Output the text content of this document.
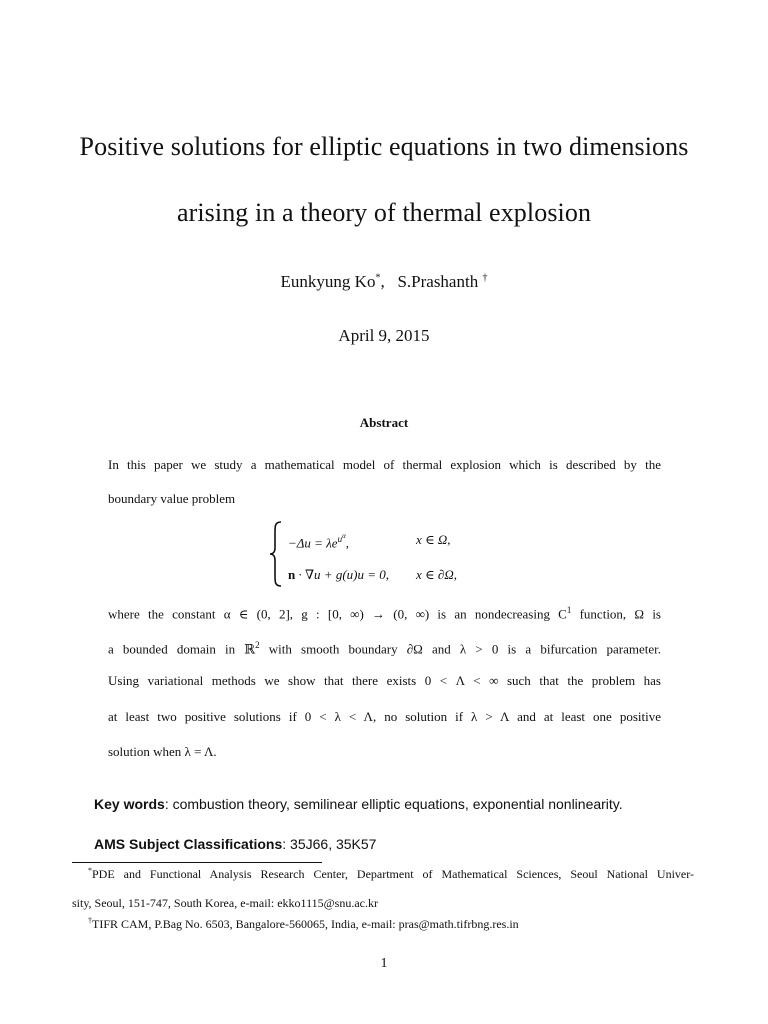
Positive solutions for elliptic equations in two dimensions
arising in a theory of thermal explosion
Eunkyung Ko*, S.Prashanth †
April 9, 2015
Abstract
In this paper we study a mathematical model of thermal explosion which is described by the
boundary value problem
$-\Delta u = \lambda e^{u^\alpha}$,	x ∈ Ω,
n · ∇u + g(u)u = 0, x ∈ ∂Ω,
where the constant α ∈ (0, 2], g : [0, ∞) → (0, ∞) is an nondecreasing $C^1$ function, Ω is
a bounded domain in ℝ$^2$ with smooth boundary ∂Ω and λ > 0 is a bifurcation parameter.
Using variational methods we show that there exists 0 < Λ < ∞ such that the problem has
at least two positive solutions if 0 < λ < Λ, no solution if λ > Λ and at least one positive
solution when λ = Λ.
Key words: combustion theory, semilinear elliptic equations, exponential nonlinearity.
AMS Subject Classifications: 35J66, 35K57
*PDE and Functional Analysis Research Center, Department of Mathematical Sciences, Seoul National Univer-
sity, Seoul, 151-747, South Korea, e-mail: ekko1115@snu.ac.kr
†TIFR CAM, P.Bag No. 6503, Bangalore-560065, India, e-mail: pras@math.tifrbng.res.in
1
